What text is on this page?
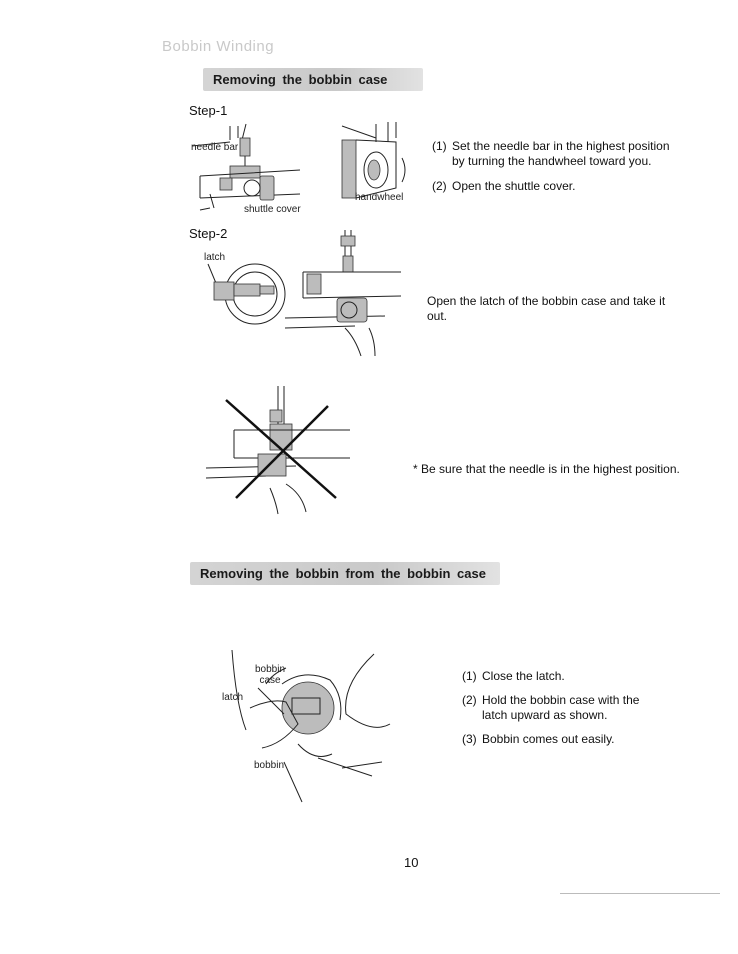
Bobbin Winding
Removing the bobbin case
Step-1
needle bar
shuttle cover
handwheel
(1) Set the needle bar in the highest position by turning the handwheel toward you.
(2) Open the shuttle cover.
Step-2
latch
Open the latch of the bobbin case and take it out.
* Be sure that the needle is in the highest position.
Removing the bobbin from the bobbin case
bobbin case
latch
bobbin
(1) Close the latch.
(2) Hold the bobbin case with the latch upward as shown.
(3) Bobbin comes out easily.
10
